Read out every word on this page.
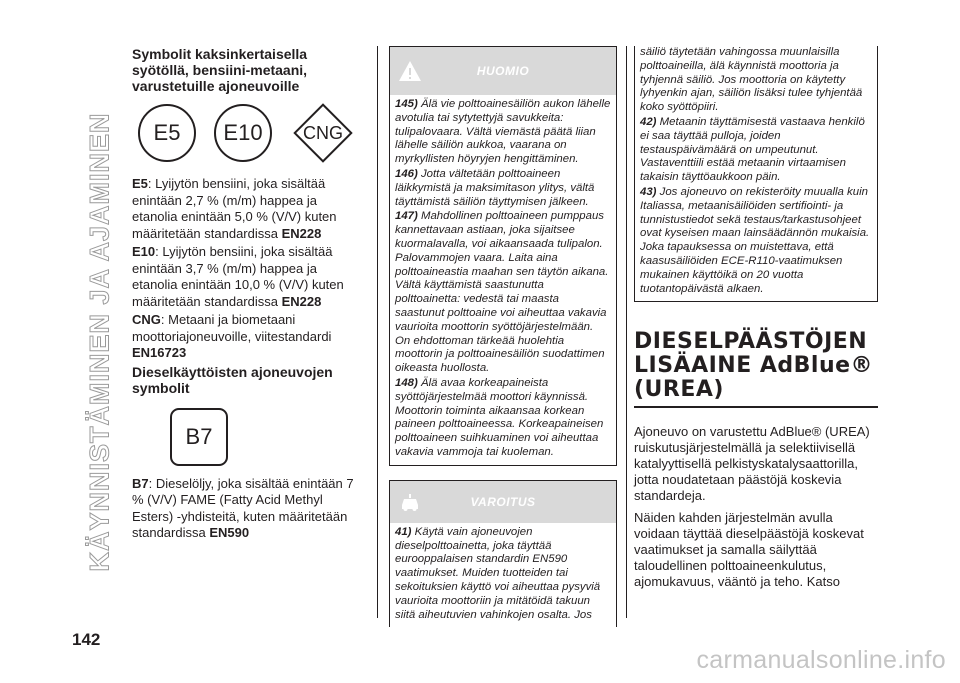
KÄYNNISTÄMINEN JA AJAMINEN
142
Symbolit kaksinkertaisella syötöllä, bensiini-metaani, varustetuille ajoneuvoille
E5 E10	CNG

E5: Lyijytön bensiini, joka sisältää enintään 2,7 % (m/m) happea ja etanolia enintään 5,0 % (V/V) kuten määritetään standardissa EN228

E10: Lyijytön bensiini, joka sisältää enintään 3,7 % (m/m) happea ja etanolia enintään 10,0 % (V/V) kuten määritetään standardissa EN228

CNG: Metaani ja biometaani moottoriajoneuvoille, viitestandardi EN16723

Dieselkäyttöisten ajoneuvojen symbolit
B7

B7: Dieselöljy, joka sisältää enintään 7 % (V/V) FAME (Fatty Acid Methyl Esters) -yhdisteitä, kuten määritetään standardissa EN590

HUOMIO

145) Älä vie polttoainesäiliön aukon lähelle avotulia tai sytytettyjä savukkeita: tulipalovaara. Vältä viemästä päätä liian lähelle säiliön aukkoa, vaarana on myrkyllisten höyryjen hengittäminen.

146) Jotta vältetään polttoaineen läikkymistä ja maksimitason ylitys, vältä täyttämistä säiliön täyttymisen jälkeen.

147) Mahdollinen polttoaineen pumppaus kannettavaan astiaan, joka sijaitsee kuormalavalla, voi aikaansaada tulipalon. Palovammojen vaara. Laita aina polttoaineastia maahan sen täytön aikana. Vältä käyttämistä saastunutta polttoainetta: vedestä tai maasta saastunut polttoaine voi aiheuttaa vakavia vaurioita moottorin syöttöjärjestelmään. On ehdottoman tärkeää huolehtia moottorin ja polttoainesäiliön suodattimen oikeasta huollosta.

148) Älä avaa korkeapaineista syöttöjärjestelmää moottori käynnissä. Moottorin toiminta aikaansaa korkean paineen polttoaineessa. Korkeapaineisen polttoaineen suihkuaminen voi aiheuttaa vakavia vammoja tai kuoleman.

VAROITUS

41) Käytä vain ajoneuvojen dieselpolttoainetta, joka täyttää eurooppalaisen standardin EN590 vaatimukset. Muiden tuotteiden tai sekoituksien käyttö voi aiheuttaa pysyviä vaurioita moottoriin ja mitätöidä takuun siitä aiheutuvien vahinkojen osalta. Jos

säiliö täytetään vahingossa muunlaisilla polttoaineilla, älä käynnistä moottoria ja tyhjennä säiliö. Jos moottoria on käytetty lyhyenkin ajan, säiliön lisäksi tulee tyhjentää koko syöttöpiiri.

42) Metaanin täyttämisestä vastaava henkilö ei saa täyttää pulloja, joiden testauspäivämäärä on umpeutunut. Vastaventtiili estää metaanin virtaamisen takaisin täyttöaukkoon päin.

43) Jos ajoneuvo on rekisteröity muualla kuin Italiassa, metaanisäiliöiden sertifiointi- ja tunnistustiedot sekä testaus/tarkastusohjeet ovat kyseisen maan lainsäädännön mukaisia. Joka tapauksessa on muistettava, että kaasusäiliöiden ECE-R110-vaatimuksen mukainen käyttöikä on 20 vuotta tuotantopäivästä alkaen.

DIESELPÄÄSTÖJEN LISÄAINE AdBlue® (UREA)

Ajoneuvo on varustettu AdBlue® (UREA) ruiskutusjärjestelmällä ja selektiivisellä katalyyttisellä pelkistyskatalysaattorilla, jotta noudatetaan päästöjä koskevia standardeja.

Näiden kahden järjestelmän avulla voidaan täyttää dieselpäästöjä koskevat vaatimukset ja samalla säilyttää taloudellinen polttoaineenkulutus, ajomukavuus, vääntö ja teho. Katso

carmanualsonline.info
